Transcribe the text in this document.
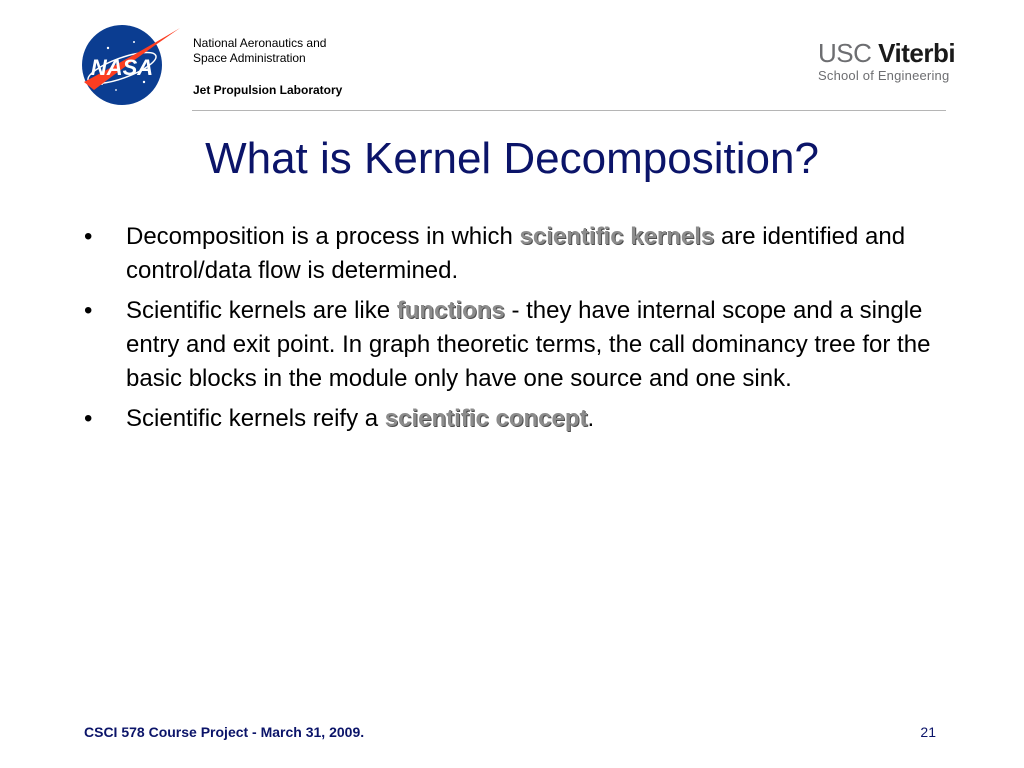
NASA
National Aeronautics and
Space Administration
Jet Propulsion Laboratory
USC Viterbi
School of Engineering
What is Kernel Decomposition?
• Decomposition is a process in which scientific kernels are identified and control/data flow is determined.
• Scientific kernels are like functions - they have internal scope and a single entry and exit point. In graph theoretic terms, the call dominancy tree for the basic blocks in the module only have one source and one sink.
• Scientific kernels reify a scientific concept.
CSCI 578 Course Project - March 31, 2009.	21
